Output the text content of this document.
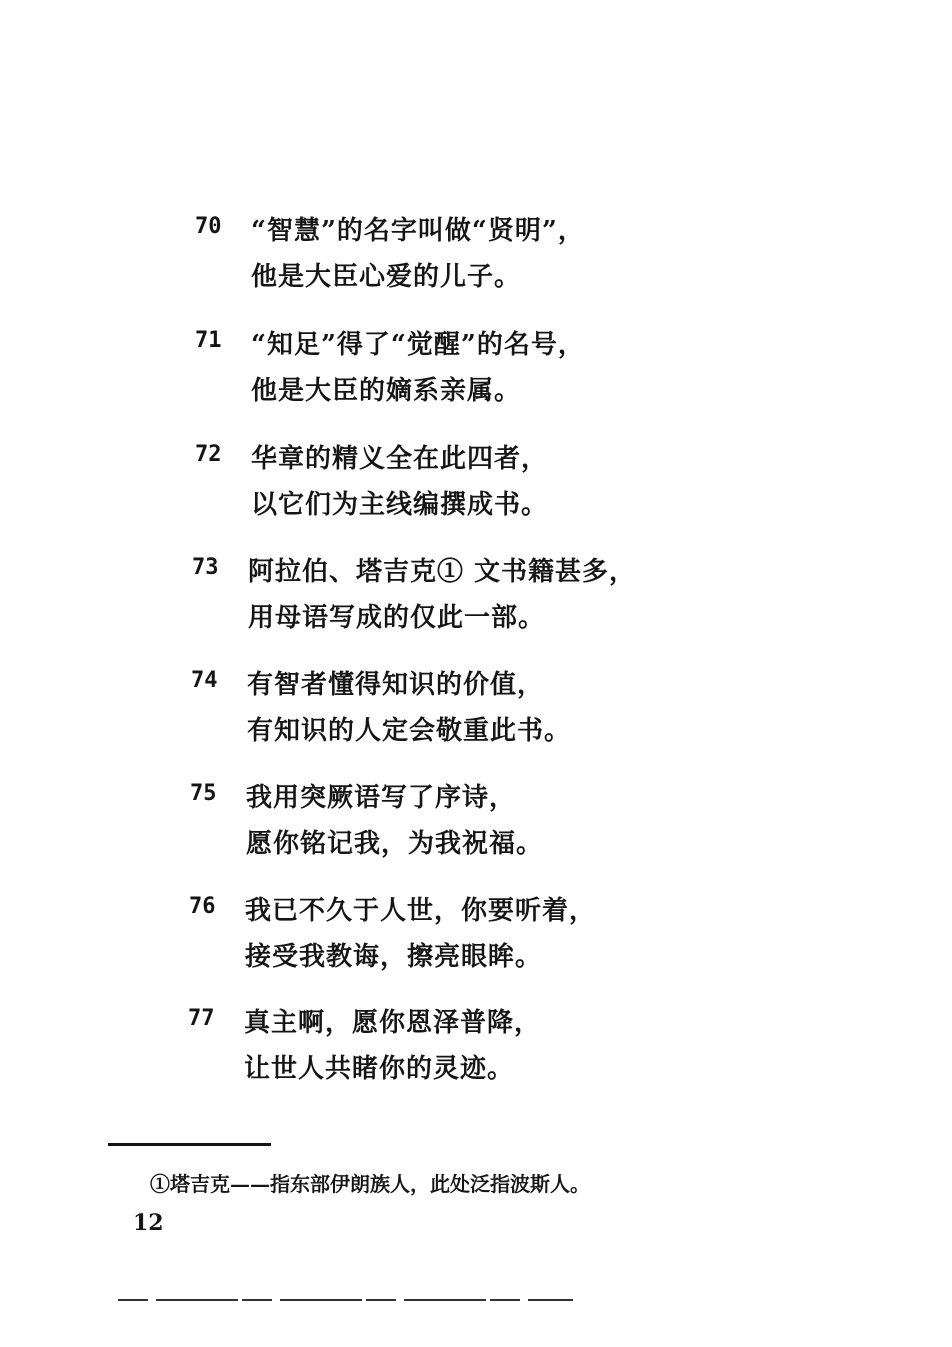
70 “智慧”的名字叫做“贤明”，
他是大臣心爱的儿子。
71 “知足”得了“觉醒”的名号，
他是大臣的嫡系亲属。
72 华章的精义全在此四者，
以它们为主线编撰成书。
73 阿拉伯、塔吉克① 文书籍甚多，
用母语写成的仅此一部。
74 有智者懂得知识的价值，
有知识的人定会敬重此书。
75 我用突厥语写了序诗，
愿你铭记我，为我祝福。
76 我已不久于人世，你要听着，
接受我教诲，擦亮眼眸。
77 真主啊，愿你恩泽普降，
让世人共睹你的灵迹。
①塔吉克——指东部伊朗族人，此处泛指波斯人。
12
